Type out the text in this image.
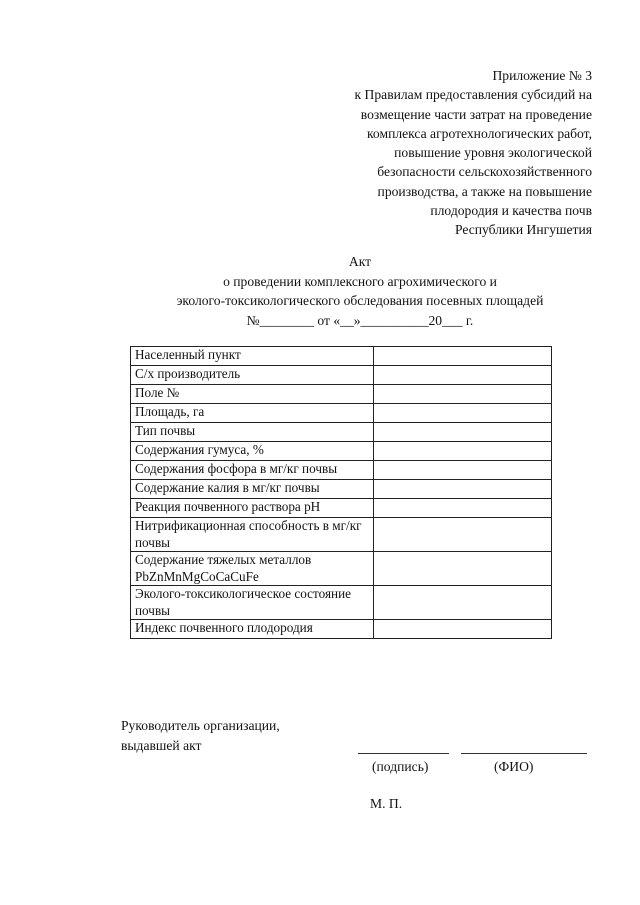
Приложение № 3
к Правилам предоставления субсидий на
возмещение части затрат на проведение
комплекса агротехнологических работ,
повышение уровня экологической
безопасности сельскохозяйственного
производства, а также на повышение
плодородия и качества почв
Республики Ингушетия
Акт
о проведении комплексного агрохимического и
эколого-токсикологического обследования посевных площадей
№________ от «__»__________20___ г.
Населенный пункт	
С/х производитель	
Поле №	
Площадь, га	
Тип почвы	
Содержания гумуса, %	
Содержания фосфора в мг/кг почвы	
Содержание калия в мг/кг почвы	
Реакция почвенного раствора pH	
Нитрификационная способность в мг/кг почвы	
Содержание тяжелых металлов PbZnMnMgCoCaCuFe	
Эколого-токсикологическое состояние почвы	
Индекс почвенного плодородия	
Руководитель организации,
выдавшей акт
(подпись)	(ФИО)
М. П.
